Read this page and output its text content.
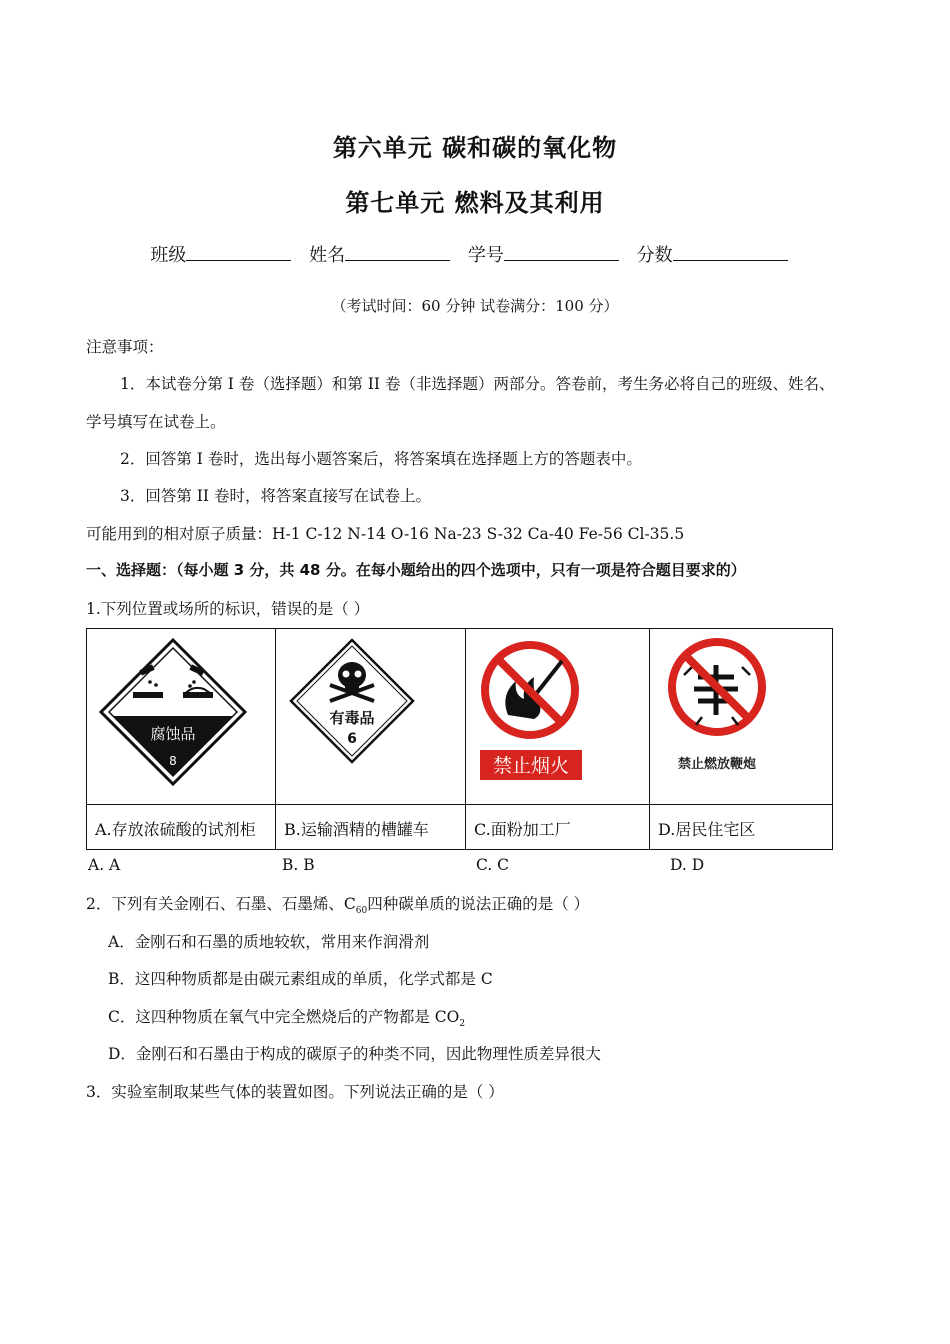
第六单元 碳和碳的氧化物
第七单元 燃料及其利用
班级	姓名	学号	分数
（考试时间：60 分钟 试卷满分：100 分）
注意事项：
1．本试卷分第 I 卷（选择题）和第 II 卷（非选择题）两部分。答卷前，考生务必将自己的班级、姓名、
学号填写在试卷上。
2．回答第 I 卷时，选出每小题答案后，将答案填在选择题上方的答题表中。
3．回答第 II 卷时，将答案直接写在试卷上。
可能用到的相对原子质量：H-1 C-12 N-14 O-16 Na-23 S-32 Ca-40 Fe-56 Cl-35.5
一、选择题：（每小题 3 分，共 48 分。在每小题给出的四个选项中，只有一项是符合题目要求的）
1.下列位置或场所的标识，错误的是（ ）
腐蚀品
8
A.存放浓硫酸的试剂柜
有毒品
6
B.运输酒精的槽罐车
禁止烟火
C.面粉加工厂
禁止燃放鞭炮
D.居民住宅区
A. A	B. B	C. C	D. D
2．下列有关金刚石、石墨、石墨烯、$C_{60}$四种碳单质的说法正确的是（ ）
A．金刚石和石墨的质地较软，常用来作润滑剂
B．这四种物质都是由碳元素组成的单质，化学式都是 C
C．这四种物质在氧气中完全燃烧后的产物都是 $CO_2$
D．金刚石和石墨由于构成的碳原子的种类不同，因此物理性质差异很大
3．实验室制取某些气体的装置如图。下列说法正确的是（ ）
